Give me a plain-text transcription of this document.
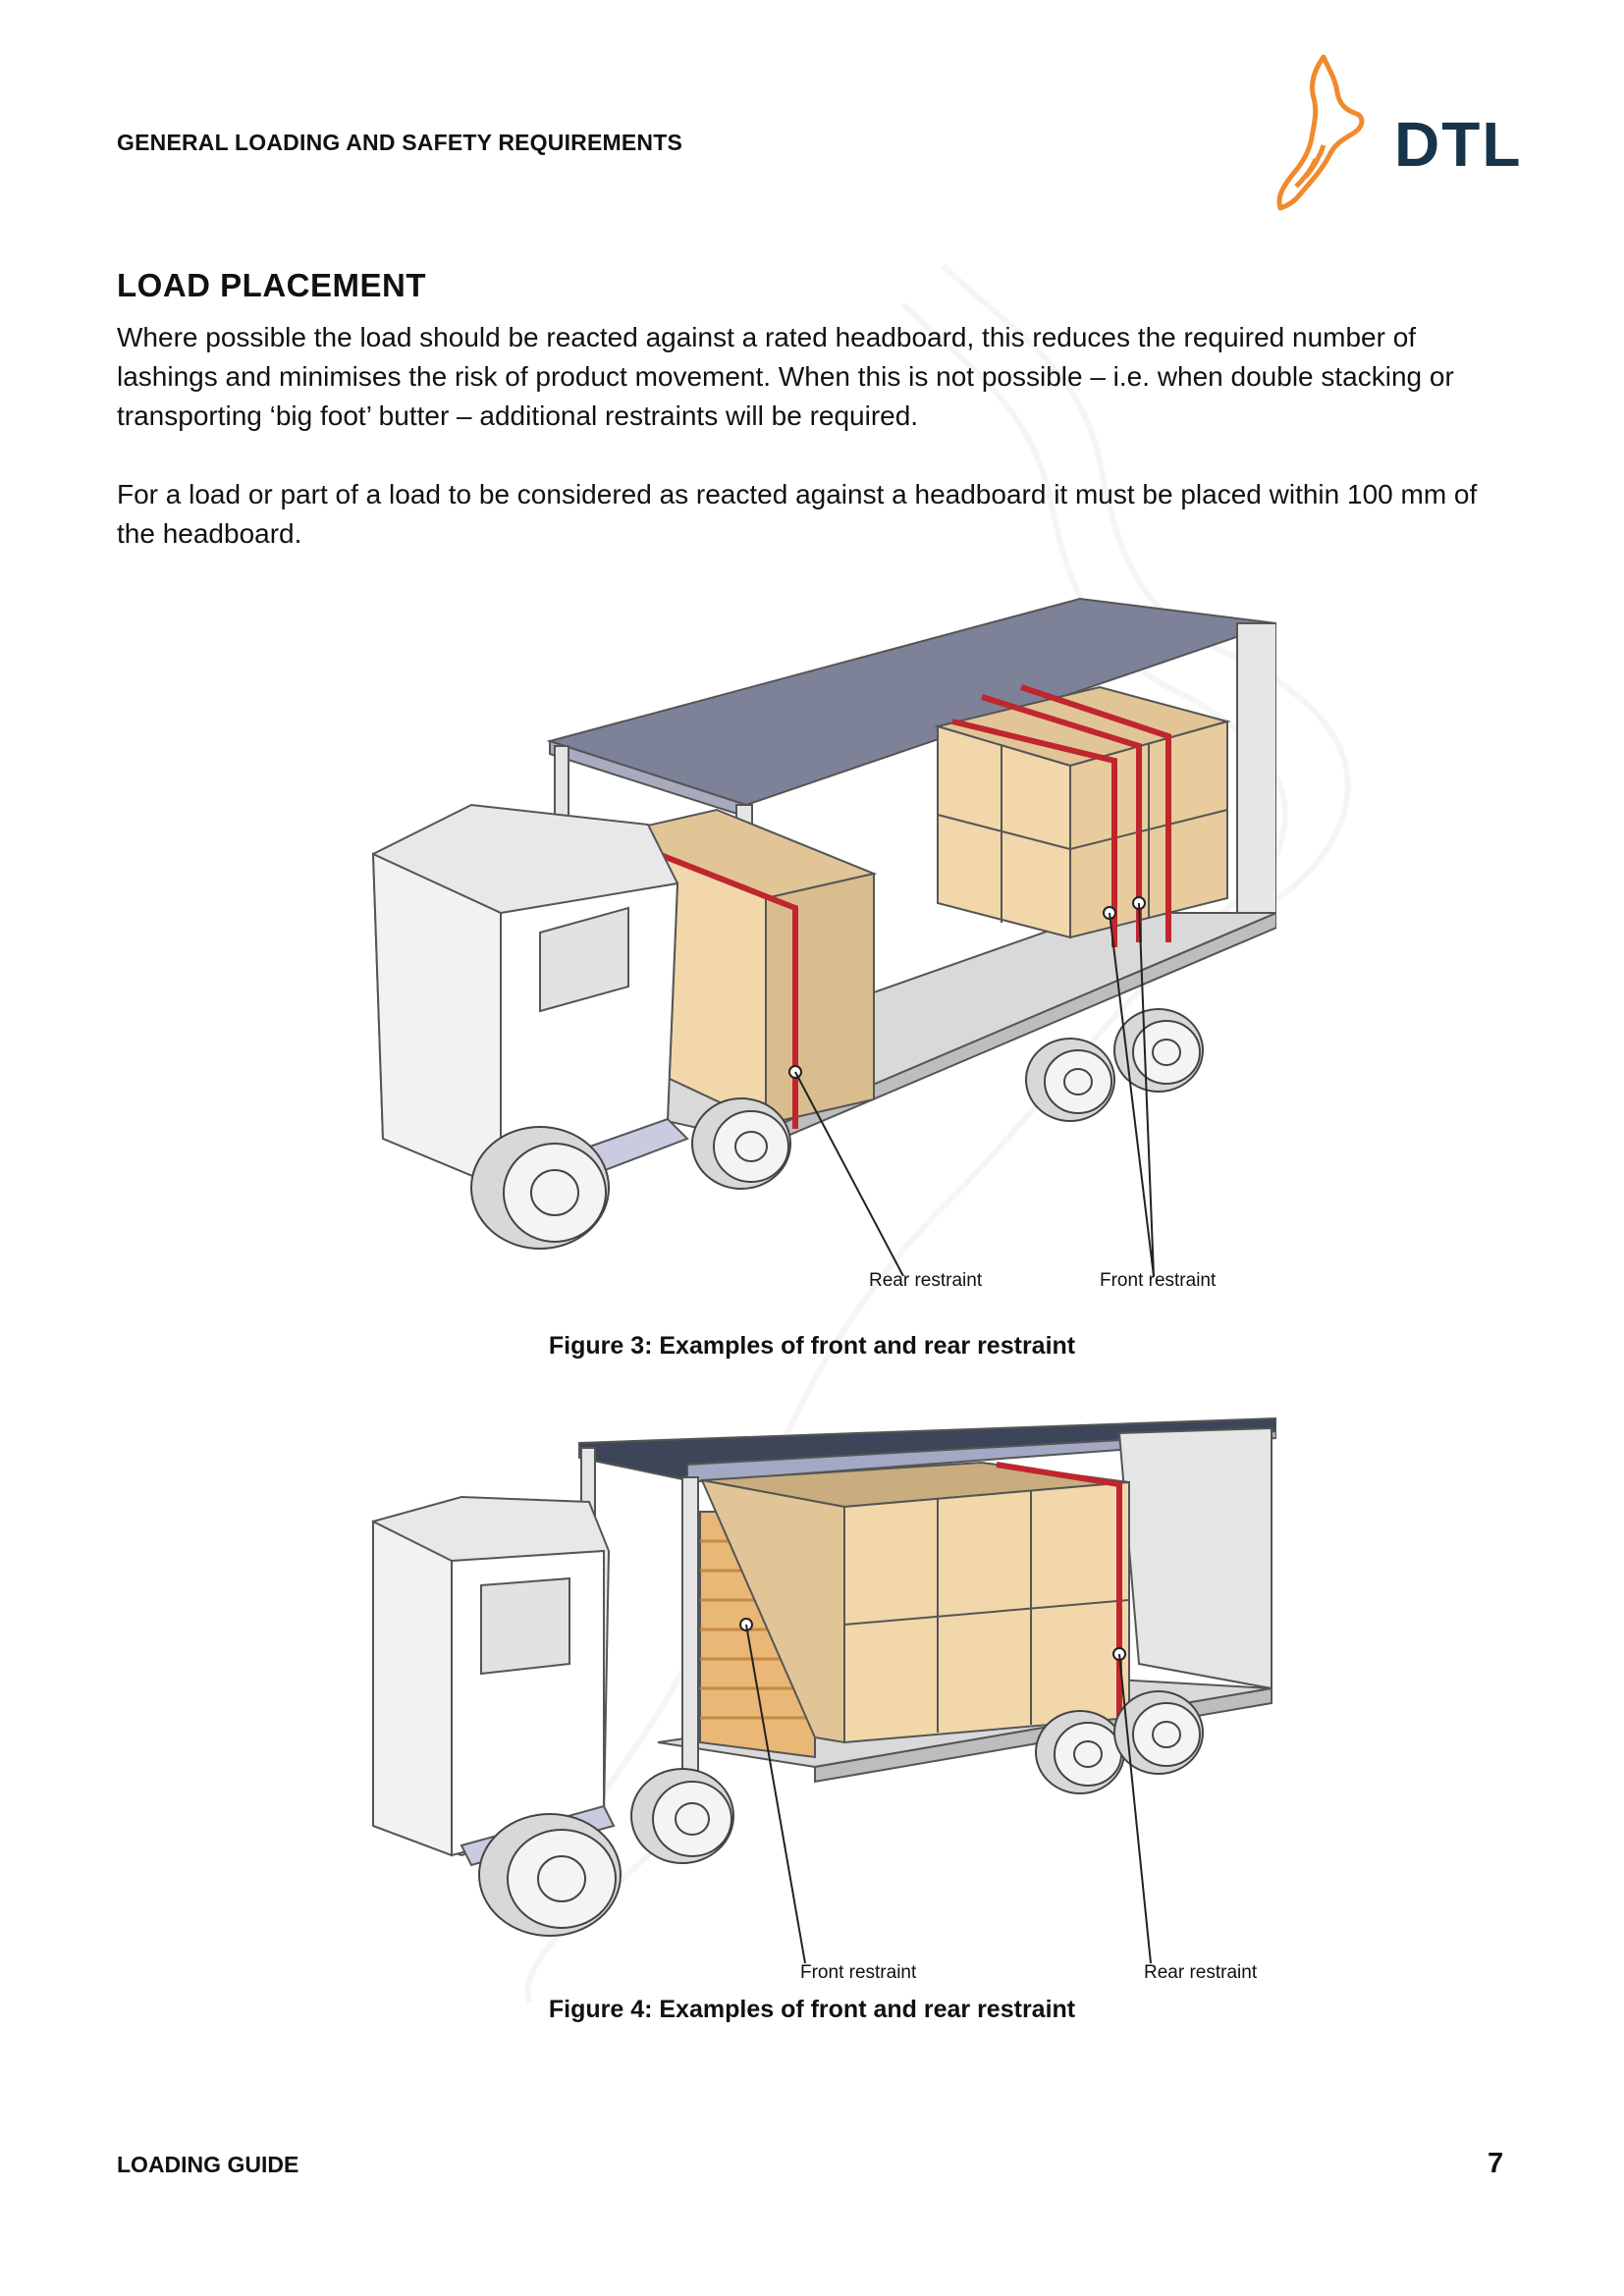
GENERAL LOADING AND SAFETY REQUIREMENTS	DTL
LOAD PLACEMENT
Where possible the load should be reacted against a rated headboard, this reduces the required number of lashings and minimises the risk of product movement. When this is not possible – i.e. when double stacking or transporting ‘big foot’ butter – additional restraints will be required.
For a load or part of a load to be considered as reacted against a headboard it must be placed within 100 mm of the headboard.
Rear restraint	Front restraint
Figure 3: Examples of front and rear restraint
Front restraint	Rear restraint
Figure 4: Examples of front and rear restraint
LOADING GUIDE	7
